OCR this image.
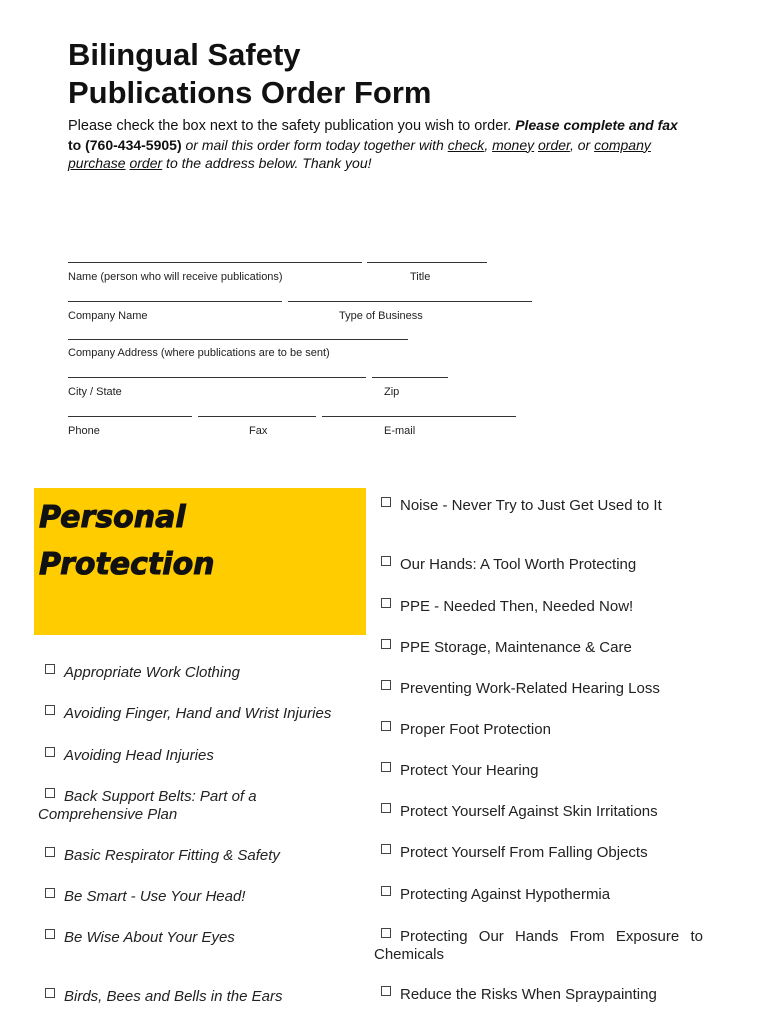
Bilingual Safety
Publications Order Form
Please check the box next to the safety publication you wish to order. Please complete and fax
to (760-434-5905) or mail this order form today together with check, money order, or company
purchase order to the address below. Thank you!
Name (person who will receive publications)	Title
Company Name	Type of Business
Company Address (where publications are to be sent)
City / State	Zip
Phone	Fax	E-mail
Personal
Protection
Appropriate Work Clothing
Avoiding Finger, Hand and Wrist Injuries
Avoiding Head Injuries
Back Support Belts: Part of a Comprehensive Plan
Basic Respirator Fitting & Safety
Be Smart - Use Your Head!
Be Wise About Your Eyes
Birds, Bees and Bells in the Ears
Noise - Never Try to Just Get Used to It
Our Hands: A Tool Worth Protecting
PPE - Needed Then, Needed Now!
PPE Storage, Maintenance & Care
Preventing Work-Related Hearing Loss
Proper Foot Protection
Protect Your Hearing
Protect Yourself Against Skin Irritations
Protect Yourself From Falling Objects
Protecting Against Hypothermia
Protecting Our Hands From Exposure to Chemicals
Reduce the Risks When Spraypainting
